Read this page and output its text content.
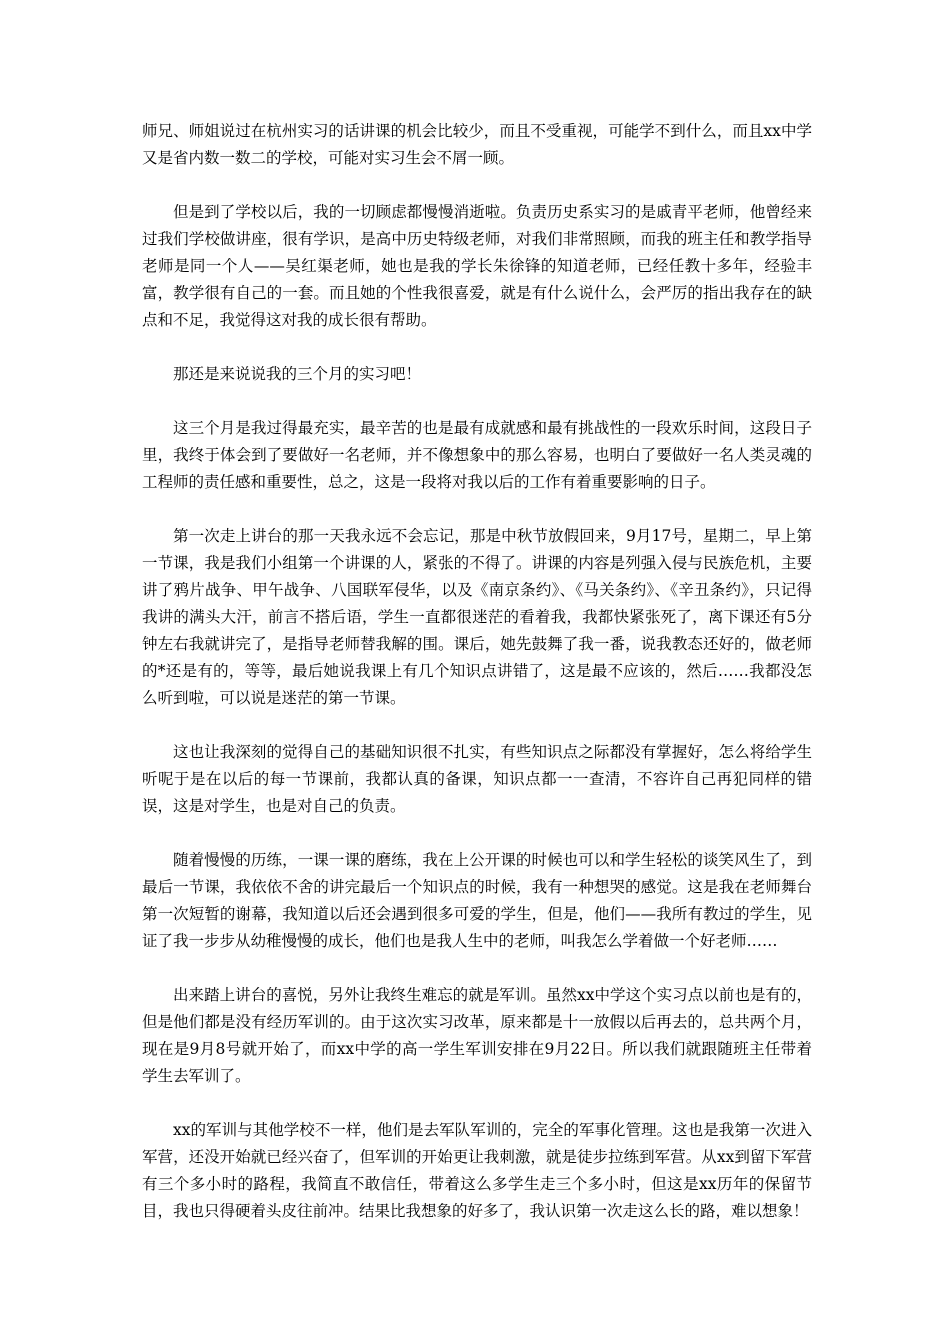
师兄、师姐说过在杭州实习的话讲课的机会比较少，而且不受重视，可能学不到什么，而且xx中学又是省内数一数二的学校，可能对实习生会不屑一顾。

但是到了学校以后，我的一切顾虑都慢慢消逝啦。负责历史系实习的是戚青平老师，他曾经来过我们学校做讲座，很有学识，是高中历史特级老师，对我们非常照顾，而我的班主任和教学指导老师是同一个人——吴红渠老师，她也是我的学长朱徐锋的知道老师，已经任教十多年，经验丰富，教学很有自己的一套。而且她的个性我很喜爱，就是有什么说什么，会严厉的指出我存在的缺点和不足，我觉得这对我的成长很有帮助。

那还是来说说我的三个月的实习吧！

这三个月是我过得最充实，最辛苦的也是最有成就感和最有挑战性的一段欢乐时间，这段日子里，我终于体会到了要做好一名老师，并不像想象中的那么容易，也明白了要做好一名人类灵魂的工程师的责任感和重要性，总之，这是一段将对我以后的工作有着重要影响的日子。

第一次走上讲台的那一天我永远不会忘记，那是中秋节放假回来，9月17号，星期二，早上第一节课，我是我们小组第一个讲课的人，紧张的不得了。讲课的内容是列强入侵与民族危机，主要讲了鸦片战争、甲午战争、八国联军侵华，以及《南京条约》、《马关条约》、《辛丑条约》，只记得我讲的满头大汗，前言不搭后语，学生一直都很迷茫的看着我，我都快紧张死了，离下课还有5分钟左右我就讲完了，是指导老师替我解的围。课后，她先鼓舞了我一番，说我教态还好的，做老师的*还是有的，等等，最后她说我课上有几个知识点讲错了，这是最不应该的，然后……我都没怎么听到啦，可以说是迷茫的第一节课。

这也让我深刻的觉得自己的基础知识很不扎实，有些知识点之际都没有掌握好，怎么将给学生听呢于是在以后的每一节课前，我都认真的备课，知识点都一一查清，不容许自己再犯同样的错误，这是对学生，也是对自己的负责。

随着慢慢的历练，一课一课的磨练，我在上公开课的时候也可以和学生轻松的谈笑风生了，到最后一节课，我依依不舍的讲完最后一个知识点的时候，我有一种想哭的感觉。这是我在老师舞台第一次短暂的谢幕，我知道以后还会遇到很多可爱的学生，但是，他们——我所有教过的学生，见证了我一步步从幼稚慢慢的成长，他们也是我人生中的老师，叫我怎么学着做一个好老师……

出来踏上讲台的喜悦，另外让我终生难忘的就是军训。虽然xx中学这个实习点以前也是有的，但是他们都是没有经历军训的。由于这次实习改革，原来都是十一放假以后再去的，总共两个月，现在是9月8号就开始了，而xx中学的高一学生军训安排在9月22日。所以我们就跟随班主任带着学生去军训了。

xx的军训与其他学校不一样，他们是去军队军训的，完全的军事化管理。这也是我第一次进入军营，还没开始就已经兴奋了，但军训的开始更让我刺激，就是徒步拉练到军营。从xx到留下军营有三个多小时的路程，我简直不敢信任，带着这么多学生走三个多小时，但这是xx历年的保留节目，我也只得硬着头皮往前冲。结果比我想象的好多了，我认识第一次走这么长的路，难以想象！
